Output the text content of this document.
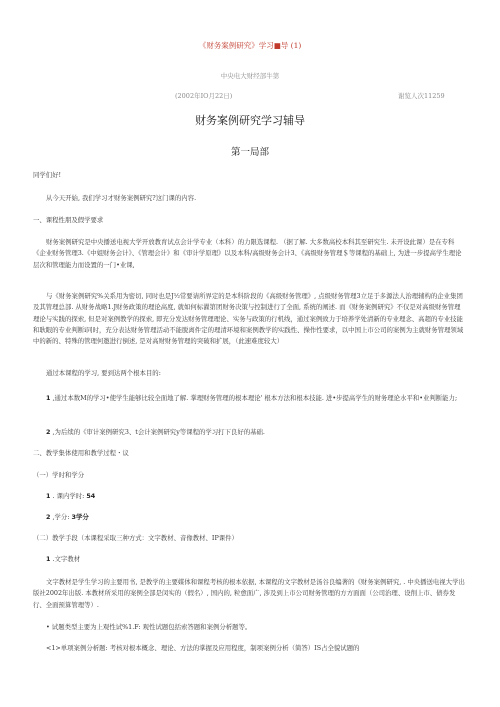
《财务案例研究》学习■导 (1)
中央电大财经部牛第
(2002年IO月22日)	谢览人次11259
财务案例研究学习辅导
第一局部
同学们好!
从今天开始, 我们学习才财务案例研究?这门课的内容.
一、课程性朋及假学要求
财务案例研究是中央播送电视大学开放教育试点会计学专业（本科）的力限选课程. （据了解. 大多数高校本科其至研究生. 未开设此课）是在专科《企业财务管理3.《中姐财务会计》、《管理会计》和《审计学原理》以及本科/高级财务会计3、《高级财务管理＄等课程的基础上, 为进一步提高学生理论层次和管理能力而设置的一门•业课,
与《财务案例研究%关系用为密切, 同时也是J½常要请所界定的是本科阶段的《高级财务管理》, 点级财务管理3立足于多源法人治理辅构的企业集团及其管理总部. 从财务战略1.J财务政策的理论高度, 就如何标濯第团财务决策与控制进行了全面, 系统的阐述. 而《财务案例研究》不仅是对高级财务管理理论与实践的探索, 但是对案例教学的探索, 即充分发达财务管理理论、实务与政策的行机线，通过案例致力于培养学处清新的专业理念、高超的专业技能和耿眼的专业判断i同时，充分表达财务管理活动不能脱离件定的理清环境和案例教学的实践性、操作性要求，以中国上市公司的案例为主就财务管理领域中的新的、特殊的管理何邀进行倒述, 是对高财财务管理的突破和扩展，（此速难度较大）
通过本课程的学习, 要到达两个根本目的:
1 ,通过本数M的学习•使学生能够比较全面地了解. 掌理财务管理的根本理论' 根本方法和根本技能. 进•步提高学生的财务理论水平和•业判断能力;
2 ,为后续的《审计案例研究3、t会计案例研究y等课程的学习打下良好的基础.
二、教学集体使用和教学过程・议
（一）学时和学分
1 . 课内学时: 54
2 ,学分: 3学分
（二）教学手段（本课程采取三种方式：文字教材、音像教材、IP课件）
1 .文字教材
文字教材是学生学习的主要用书, 是教学的主要媒体和课程考核的根本依据, 本课程的文字教材是汤谷良编著的《财务案例研究, . 中央播送电视大学出版社2002年出版. 本教材所采用的案例全部是闵实的（假名）, 国内的, 粒愈面广, 涉及到上市公司财务管理的方方面面（公司治理、设削上市、债券发行、全面预算管理等）.
• 试题类型主要为上观性试%1.F: 观性试题包括索答题和案例分析题等。
<1>单项案例分析题: 考核对根本概念、理论、方法的掌握及应用程度，制项案例分析（简答）IS占全貌试题的
